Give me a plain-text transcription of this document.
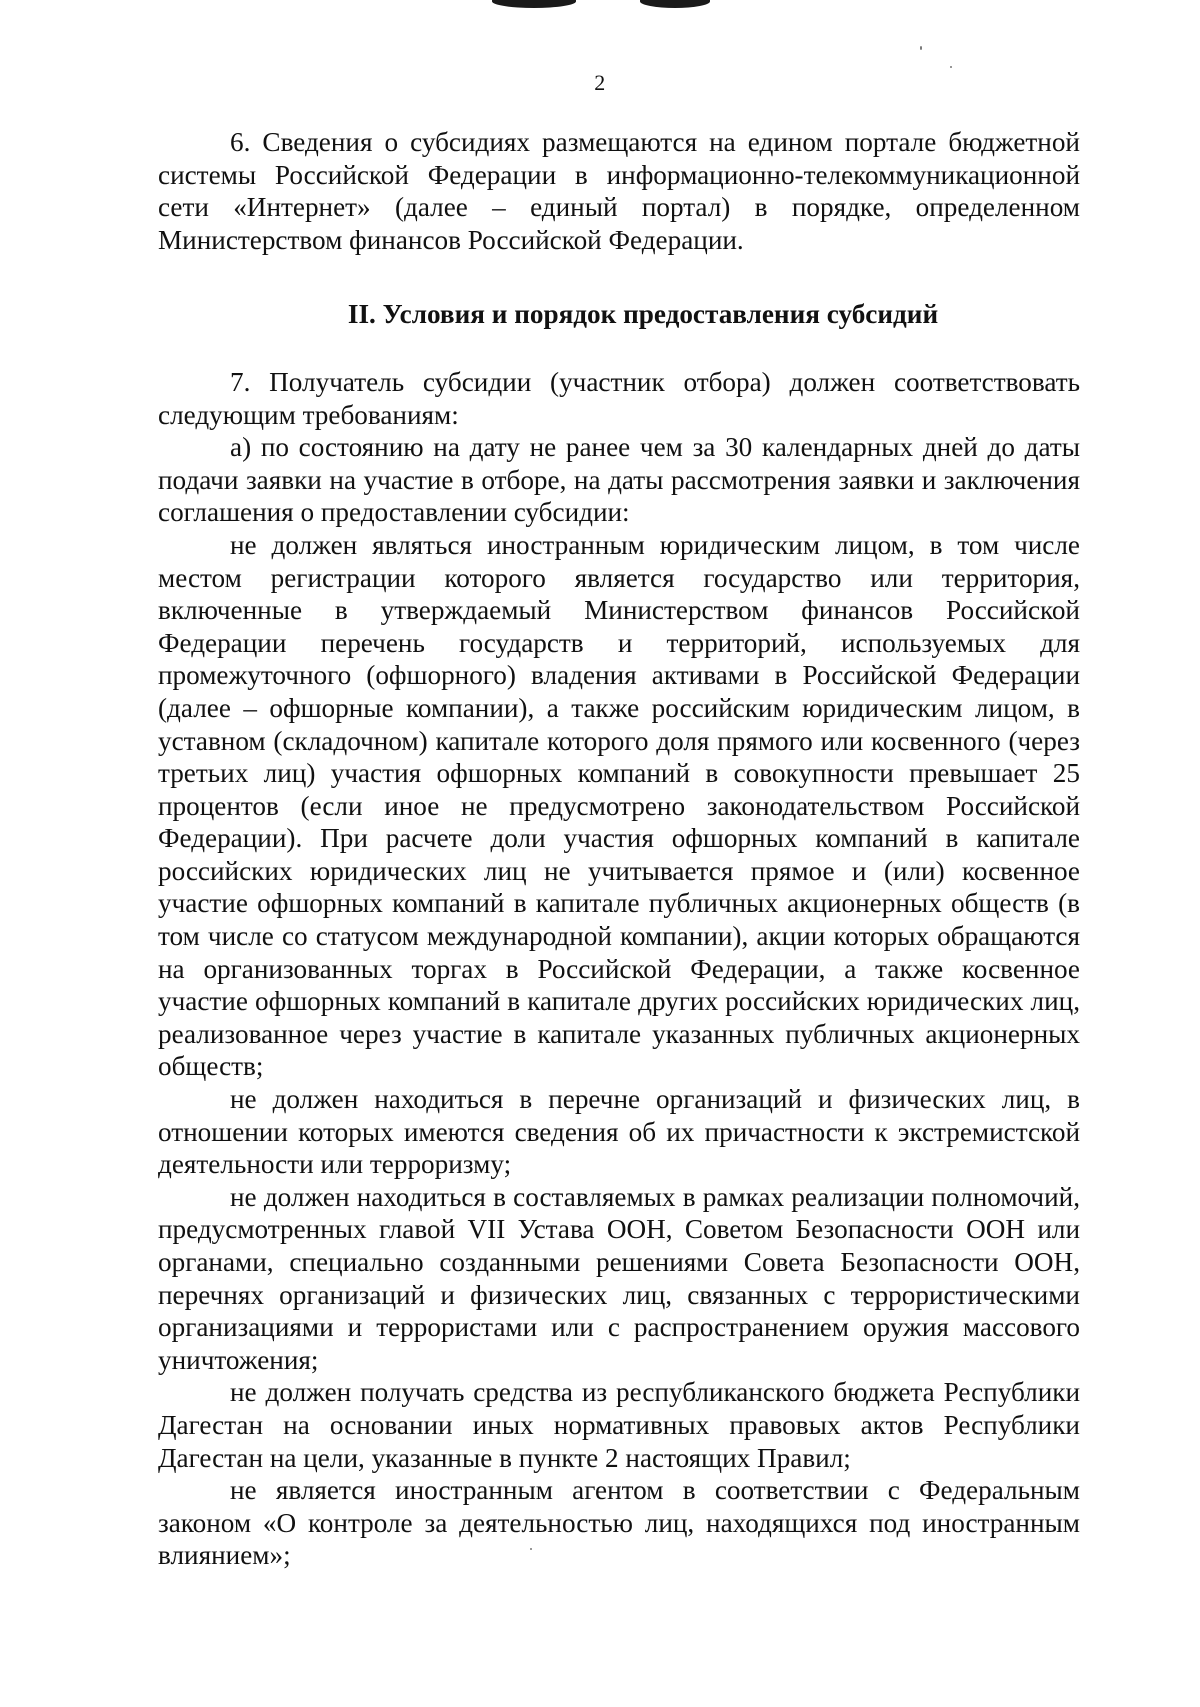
2

6. Сведения о субсидиях размещаются на едином портале бюджетной системы Российской Федерации в информационно-телекоммуникационной сети «Интернет» (далее – единый портал) в порядке, определенном Министерством финансов Российской Федерации.

II. Условия и порядок предоставления субсидий

7. Получатель субсидии (участник отбора) должен соответствовать следующим требованиям:

а) по состоянию на дату не ранее чем за 30 календарных дней до даты подачи заявки на участие в отборе, на даты рассмотрения заявки и заключения соглашения о предоставлении субсидии:

не должен являться иностранным юридическим лицом, в том числе местом регистрации которого является государство или территория, включенные в утверждаемый Министерством финансов Российской Федерации перечень государств и территорий, используемых для промежуточного (офшорного) владения активами в Российской Федерации (далее – офшорные компании), а также российским юридическим лицом, в уставном (складочном) капитале которого доля прямого или косвенного (через третьих лиц) участия офшорных компаний в совокупности превышает 25 процентов (если иное не предусмотрено законодательством Российской Федерации). При расчете доли участия офшорных компаний в капитале российских юридических лиц не учитывается прямое и (или) косвенное участие офшорных компаний в капитале публичных акционерных обществ (в том числе со статусом международной компании), акции которых обращаются на организованных торгах в Российской Федерации, а также косвенное участие офшорных компаний в капитале других российских юридических лиц, реализованное через участие в капитале указанных публичных акционерных обществ;

не должен находиться в перечне организаций и физических лиц, в отношении которых имеются сведения об их причастности к экстремистской деятельности или терроризму;

не должен находиться в составляемых в рамках реализации полномочий, предусмотренных главой VII Устава ООН, Советом Безопасности ООН или органами, специально созданными решениями Совета Безопасности ООН, перечнях организаций и физических лиц, связанных с террористическими организациями и террористами или с распространением оружия массового уничтожения;

не должен получать средства из республиканского бюджета Республики Дагестан на основании иных нормативных правовых актов Республики Дагестан на цели, указанные в пункте 2 настоящих Правил;

не является иностранным агентом в соответствии с Федеральным законом «О контроле за деятельностью лиц, находящихся под иностранным влиянием»;
